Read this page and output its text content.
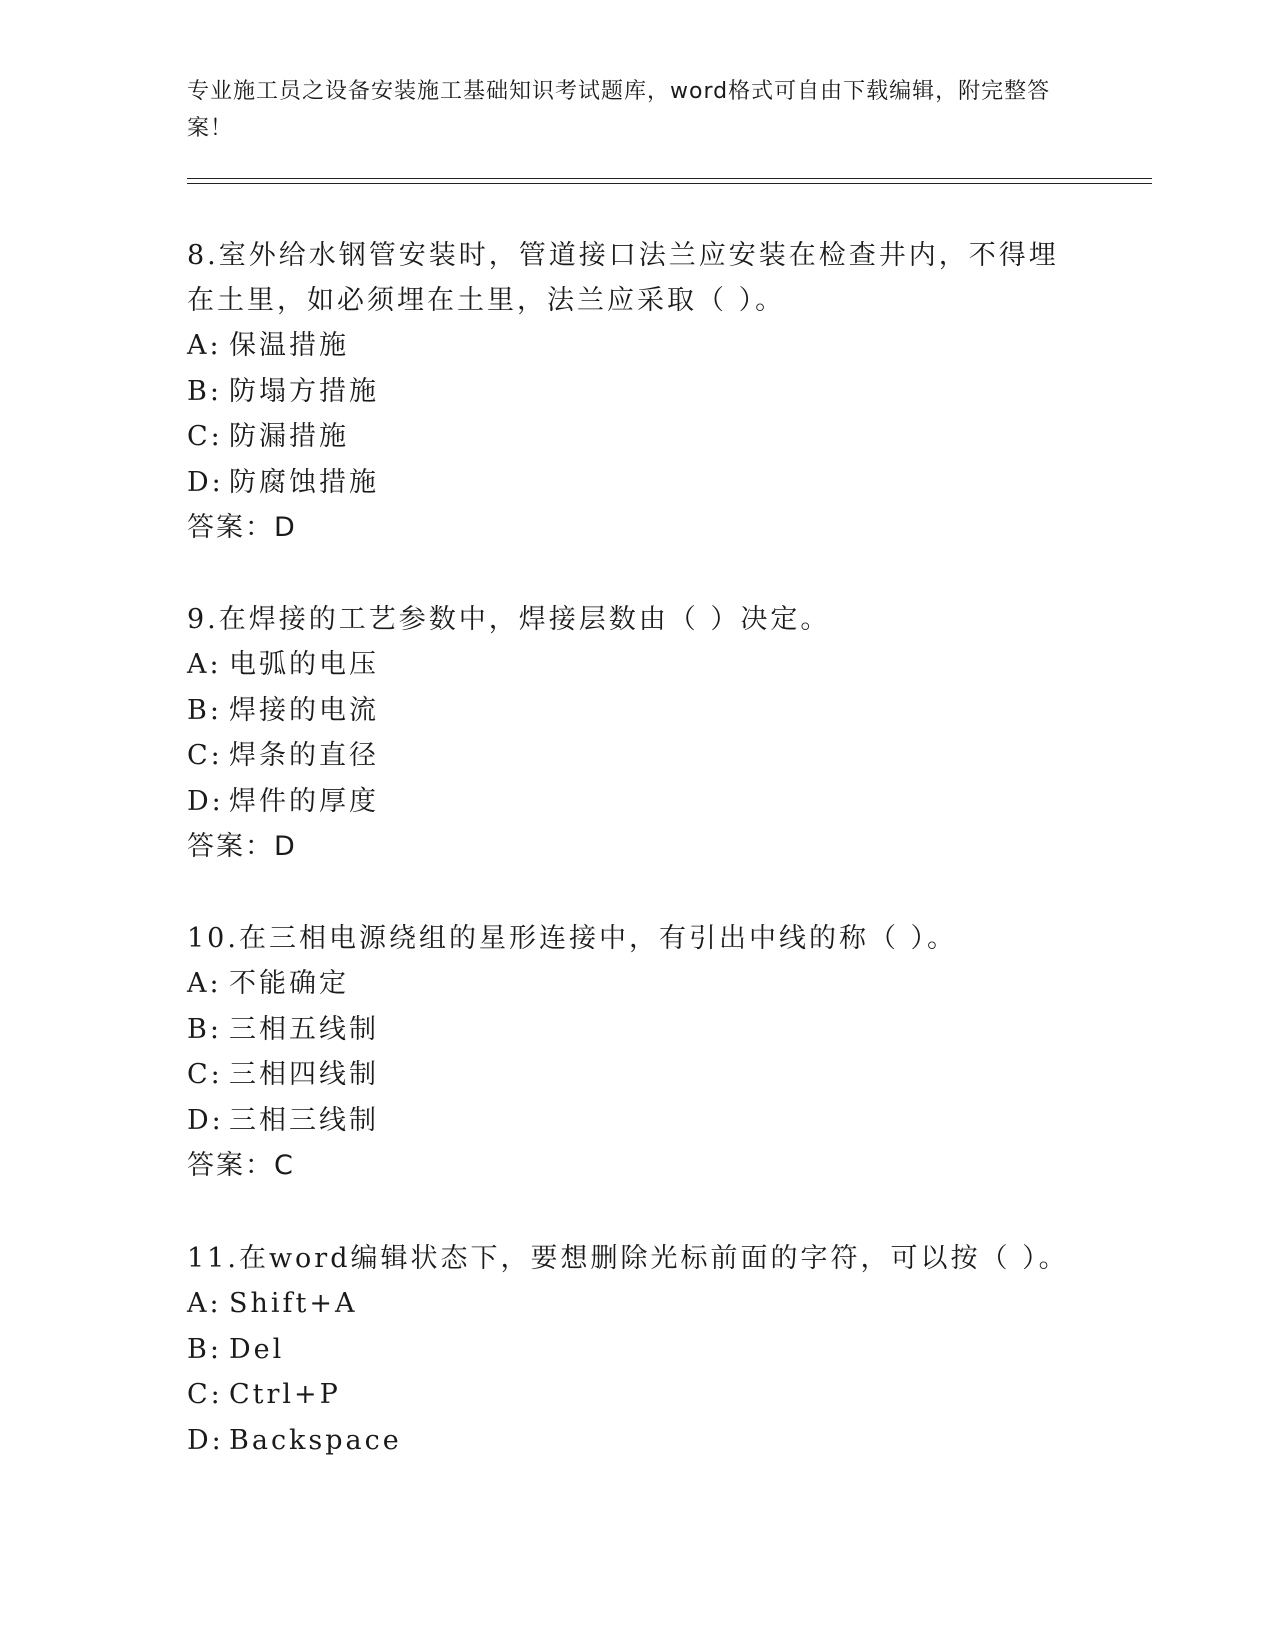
专业施工员之设备安装施工基础知识考试题库，word格式可自由下载编辑，附完整答案！

8.室外给水钢管安装时，管道接口法兰应安装在检查井内，不得埋在土里，如必须埋在土里，法兰应采取（ ）。

A: 保温措施

B: 防塌方措施

C: 防漏措施

D: 防腐蚀措施

答案：D

9.在焊接的工艺参数中，焊接层数由（ ）决定。

A: 电弧的电压

B: 焊接的电流

C: 焊条的直径

D: 焊件的厚度

答案：D

10.在三相电源绕组的星形连接中，有引出中线的称（ ）。

A: 不能确定

B: 三相五线制

C: 三相四线制

D: 三相三线制

答案：C

11.在word编辑状态下，要想删除光标前面的字符，可以按（ ）。

A: Shift+A

B: Del

C: Ctrl+P

D: Backspace
